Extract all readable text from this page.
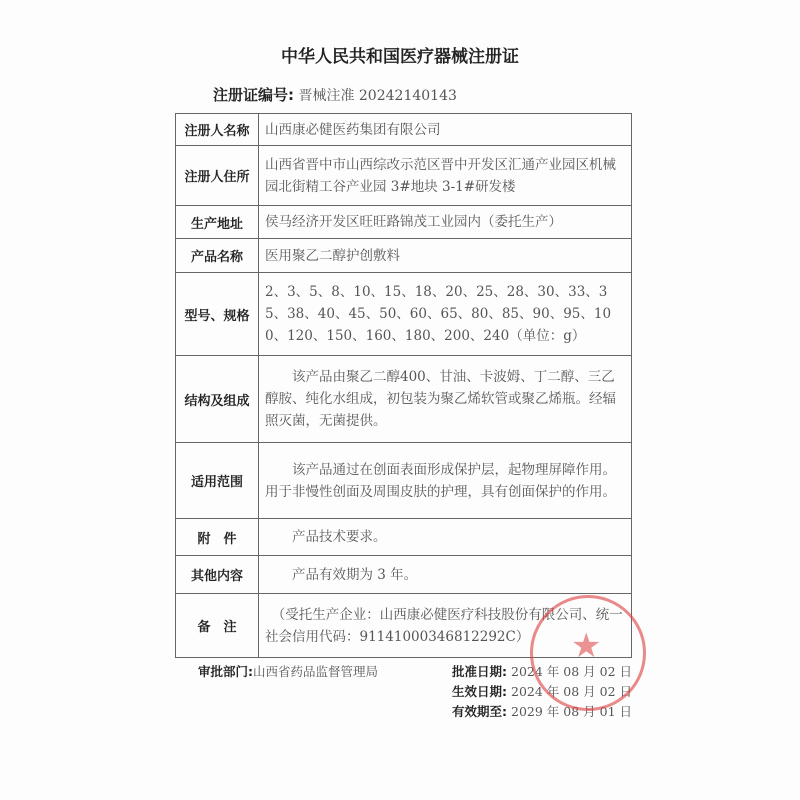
中华人民共和国医疗器械注册证
注册证编号: 晋械注准 20242140143
注册人名称	山西康必健医药集团有限公司
注册人住所	山西省晋中市山西综改示范区晋中开发区汇通产业园区机械园北街精工谷产业园 3#地块 3-1#研发楼
生产地址	侯马经济开发区旺旺路锦茂工业园内（委托生产）
产品名称	医用聚乙二醇护创敷料
型号、规格	2、3、5、8、10、15、18、20、25、28、30、33、35、38、40、45、50、60、65、80、85、90、95、100、120、150、160、180、200、240（单位：g）
结构及组成	　　该产品由聚乙二醇400、甘油、卡波姆、丁二醇、三乙醇胺、纯化水组成，初包装为聚乙烯软管或聚乙烯瓶。经辐照灭菌，无菌提供。
适用范围	　　该产品通过在创面表面形成保护层，起物理屏障作用。用于非慢性创面及周围皮肤的护理，具有创面保护的作用。
附　件	　　产品技术要求。
其他内容	　　产品有效期为 3 年。
备　注	　（受托生产企业：山西康必健医疗科技股份有限公司、统一社会信用代码：91141000346812292C）
审批部门:山西省药品监督管理局	批准日期: 2024 年 08 月 02 日
生效日期: 2024 年 08 月 02 日
有效期至: 2029 年 08 月 01 日
★
